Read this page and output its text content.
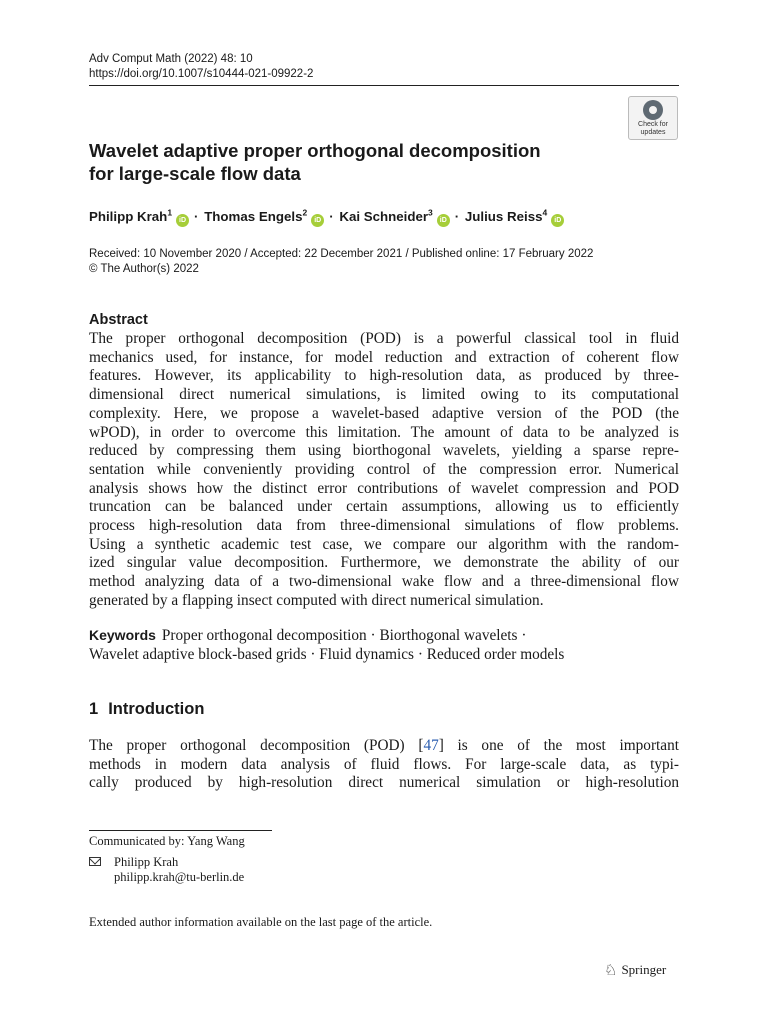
Adv Comput Math (2022) 48: 10
https://doi.org/10.1007/s10444-021-09922-2
Check for
updates
Wavelet adaptive proper orthogonal decomposition
for large-scale flow data
Philipp Krah$^1$iD · Thomas Engels$^2$iD · Kai Schneider$^3$iD · Julius Reiss$^4$iD
Received: 10 November 2020 / Accepted: 22 December 2021 / Published online: 17 February 2022
© The Author(s) 2022
Abstract
The proper orthogonal decomposition (POD) is a powerful classical tool in fluid
mechanics used, for instance, for model reduction and extraction of coherent flow
features. However, its applicability to high-resolution data, as produced by three-
dimensional direct numerical simulations, is limited owing to its computational
complexity. Here, we propose a wavelet-based adaptive version of the POD (the
wPOD), in order to overcome this limitation. The amount of data to be analyzed is
reduced by compressing them using biorthogonal wavelets, yielding a sparse repre-
sentation while conveniently providing control of the compression error. Numerical
analysis shows how the distinct error contributions of wavelet compression and POD
truncation can be balanced under certain assumptions, allowing us to efficiently
process high-resolution data from three-dimensional simulations of flow problems.
Using a synthetic academic test case, we compare our algorithm with the random-
ized singular value decomposition. Furthermore, we demonstrate the ability of our
method analyzing data of a two-dimensional wake flow and a three-dimensional flow
generated by a flapping insect computed with direct numerical simulation.
Keywords Proper orthogonal decomposition · Biorthogonal wavelets ·
Wavelet adaptive block-based grids · Fluid dynamics · Reduced order models
1 Introduction
The proper orthogonal decomposition (POD) [47] is one of the most important
methods in modern data analysis of fluid flows. For large-scale data, as typi-
cally produced by high-resolution direct numerical simulation or high-resolution
Communicated by: Yang Wang
Philipp Krah
philipp.krah@tu-berlin.de
Extended author information available on the last page of the article.
♘ Springer
